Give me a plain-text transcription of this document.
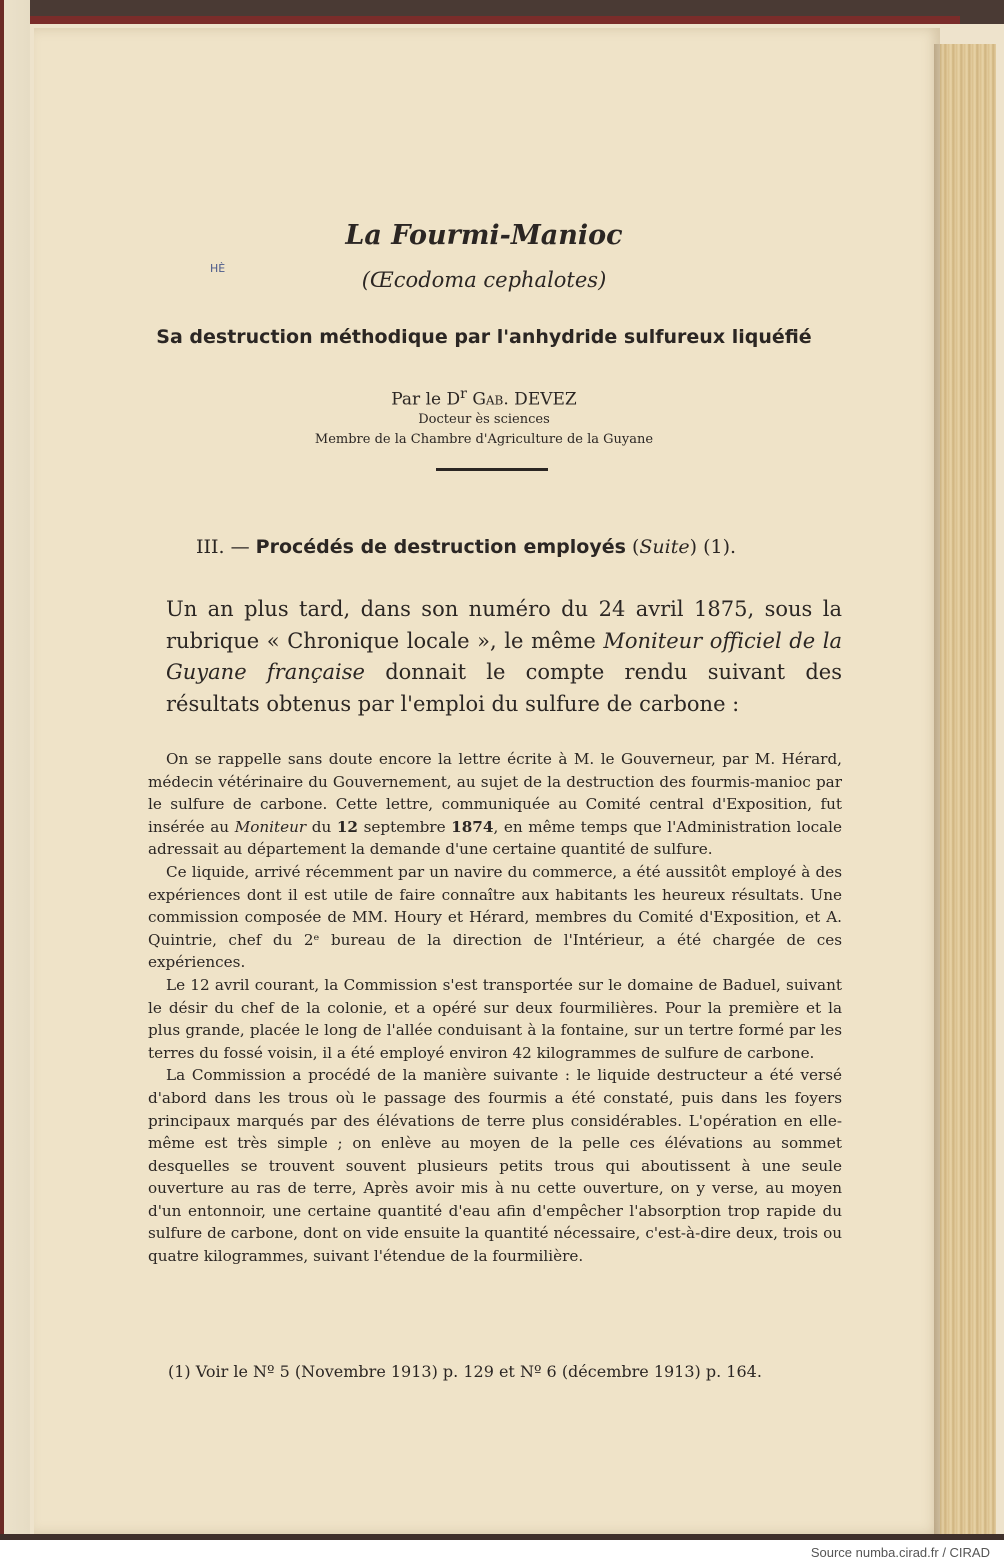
La Fourmi-Manioc
HÈ	(Œcodoma cephalotes)
Sa destruction méthodique par l'anhydride sulfureux liquéfié
Par le $D^r$ Gab. DEVEZ
Docteur ès sciences
Membre de la Chambre d'Agriculture de la Guyane
III. — Procédés de destruction employés (Suite) (1).

Un an plus tard, dans son numéro du 24 avril 1875, sous la rubrique « Chronique locale », le même Moniteur officiel de la Guyane française donnait le compte rendu suivant des résultats obtenus par l'emploi du sulfure de carbone :

On se rappelle sans doute encore la lettre écrite à M. le Gouverneur, par M. Hérard, médecin vétérinaire du Gouvernement, au sujet de la destruction des fourmis-manioc par le sulfure de carbone. Cette lettre, communiquée au Comité central d'Exposition, fut insérée au Moniteur du 12 septembre 1874, en même temps que l'Administration locale adressait au département la demande d'une certaine quantité de sulfure.

Ce liquide, arrivé récemment par un navire du commerce, a été aussitôt employé à des expériences dont il est utile de faire connaître aux habitants les heureux résultats. Une commission composée de MM. Houry et Hérard, membres du Comité d'Exposition, et A. Quintrie, chef du 2ᵉ bureau de la direction de l'Intérieur, a été chargée de ces expériences.

Le 12 avril courant, la Commission s'est transportée sur le domaine de Baduel, suivant le désir du chef de la colonie, et a opéré sur deux fourmilières. Pour la première et la plus grande, placée le long de l'allée conduisant à la fontaine, sur un tertre formé par les terres du fossé voisin, il a été employé environ 42 kilogrammes de sulfure de carbone.

La Commission a procédé de la manière suivante : le liquide destructeur a été versé d'abord dans les trous où le passage des fourmis a été constaté, puis dans les foyers principaux marqués par des élévations de terre plus considérables. L'opération en elle-même est très simple ; on enlève au moyen de la pelle ces élévations au sommet desquelles se trouvent souvent plusieurs petits trous qui aboutissent à une seule ouverture au ras de terre, Après avoir mis à nu cette ouverture, on y verse, au moyen d'un entonnoir, une certaine quantité d'eau afin d'empêcher l'absorption trop rapide du sulfure de carbone, dont on vide ensuite la quantité nécessaire, c'est-à-dire deux, trois ou quatre kilogrammes, suivant l'étendue de la fourmilière.

(1) Voir le Nº 5 (Novembre 1913) p. 129 et Nº 6 (décembre 1913) p. 164.
Source numba.cirad.fr / CIRAD
